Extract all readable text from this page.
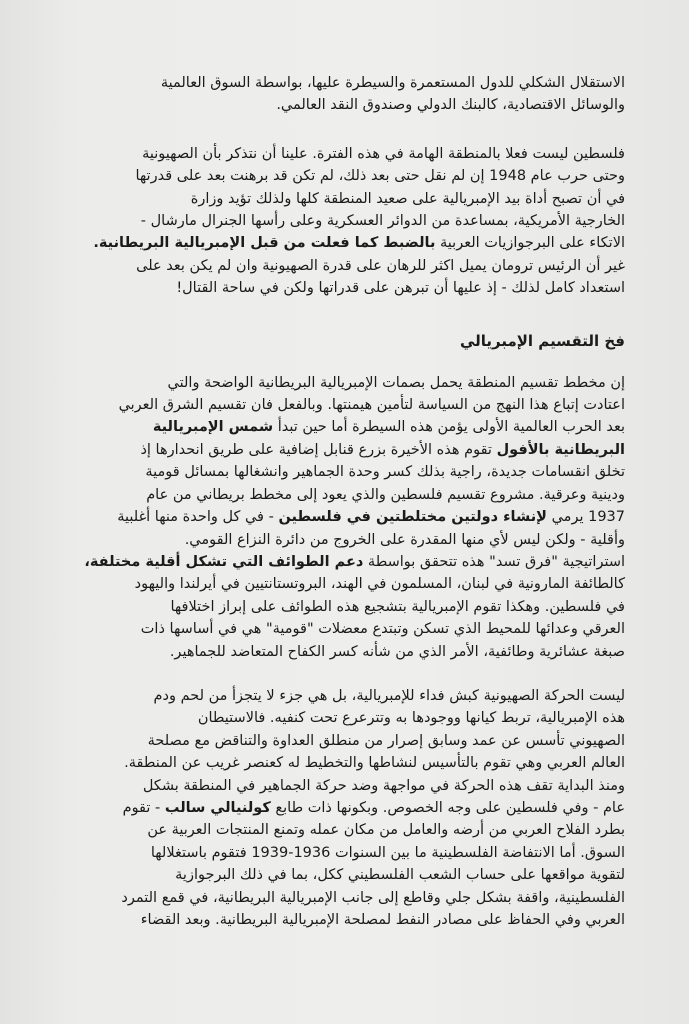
الاستقلال الشكلي للدول المستعمرة والسيطرة عليها، بواسطة السوق العالمية
والوسائل الاقتصادية، كالبنك الدولي وصندوق النقد العالمي.

فلسطين ليست فعلا بالمنطقة الهامة في هذه الفترة. علينا أن نتذكر بأن الصهيونية
وحتى حرب عام 1948 إن لم نقل حتى بعد ذلك، لم تكن قد برهنت بعد على قدرتها
في أن تصبح أداة بيد الإمبريالية على صعيد المنطقة كلها ولذلك تؤيد وزارة
الخارجية الأمريكية، بمساعدة من الدوائر العسكرية وعلى رأسها الجنرال مارشال -
الاتكاء على البرجوازيات العربية بالضبط كما فعلت من قبل الإمبريالية البريطانية.
غير أن الرئيس ترومان يميل اكثر للرهان على قدرة الصهيونية وان لم يكن بعد على
استعداد كامل لذلك - إذ عليها أن تبرهن على قدراتها ولكن في ساحة القتال!

فخ التقسيم الإمبريالي

إن مخطط تقسيم المنطقة يحمل بصمات الإمبريالية البريطانية الواضحة والتي
اعتادت إتباع هذا النهج من السياسة لتأمين هيمنتها. وبالفعل فان تقسيم الشرق العربي
بعد الحرب العالمية الأولى يؤمن هذه السيطرة أما حين تبدأ شمس الإمبريالية
البريطانية بالأفول تقوم هذه الأخيرة بزرع قنابل إضافية على طريق انحدارها إذ
تخلق انقسامات جديدة، راجية بذلك كسر وحدة الجماهير وانشغالها بمسائل قومية
ودينية وعرقية. مشروع تقسيم فلسطين والذي يعود إلى مخطط بريطاني من عام
1937 يرمي لإنشاء دولتين مختلطتين في فلسطين - في كل واحدة منها أغلبية
وأقلية - ولكن ليس لأي منها المقدرة على الخروج من دائرة النزاع القومي.
استراتيجية "فرق تسد" هذه تتحقق بواسطة دعم الطوائف التي تشكل أقلية مختلفة،
كالطائفة المارونية في لبنان، المسلمون في الهند، البروتستانتيين في أيرلندا واليهود
في فلسطين. وهكذا تقوم الإمبريالية بتشجيع هذه الطوائف على إبراز اختلافها
العرقي وعدائها للمحيط الذي تسكن وتبتدع معضلات "قومية" هي في أساسها ذات
صبغة عشائرية وطائفية، الأمر الذي من شأنه كسر الكفاح المتعاضد للجماهير.

ليست الحركة الصهيونية كبش فداء للإمبريالية، بل هي جزء لا يتجزأ من لحم ودم
هذه الإمبريالية، تربط كيانها ووجودها به وتترعرع تحت كنفيه. فالاستيطان
الصهيوني تأسس عن عمد وسابق إصرار من منطلق العداوة والتناقض مع مصلحة
العالم العربي وهي تقوم بالتأسيس لنشاطها والتخطيط له كعنصر غريب عن المنطقة.
ومنذ البداية تقف هذه الحركة في مواجهة وضد حركة الجماهير في المنطقة بشكل
عام - وفي فلسطين على وجه الخصوص. وبكونها ذات طابع كولنيالي سالب - تقوم
بطرد الفلاح العربي من أرضه والعامل من مكان عمله وتمنع المنتجات العربية عن
السوق. أما الانتفاضة الفلسطينية ما بين السنوات 1936-1939 فتقوم باستغلالها
لتقوية مواقعها على حساب الشعب الفلسطيني ككل، بما في ذلك البرجوازية
الفلسطينية، واقفة بشكل جلي وقاطع إلى جانب الإمبريالية البريطانية، في قمع التمرد
العربي وفي الحفاظ على مصادر النفط لمصلحة الإمبريالية البريطانية. وبعد القضاء
